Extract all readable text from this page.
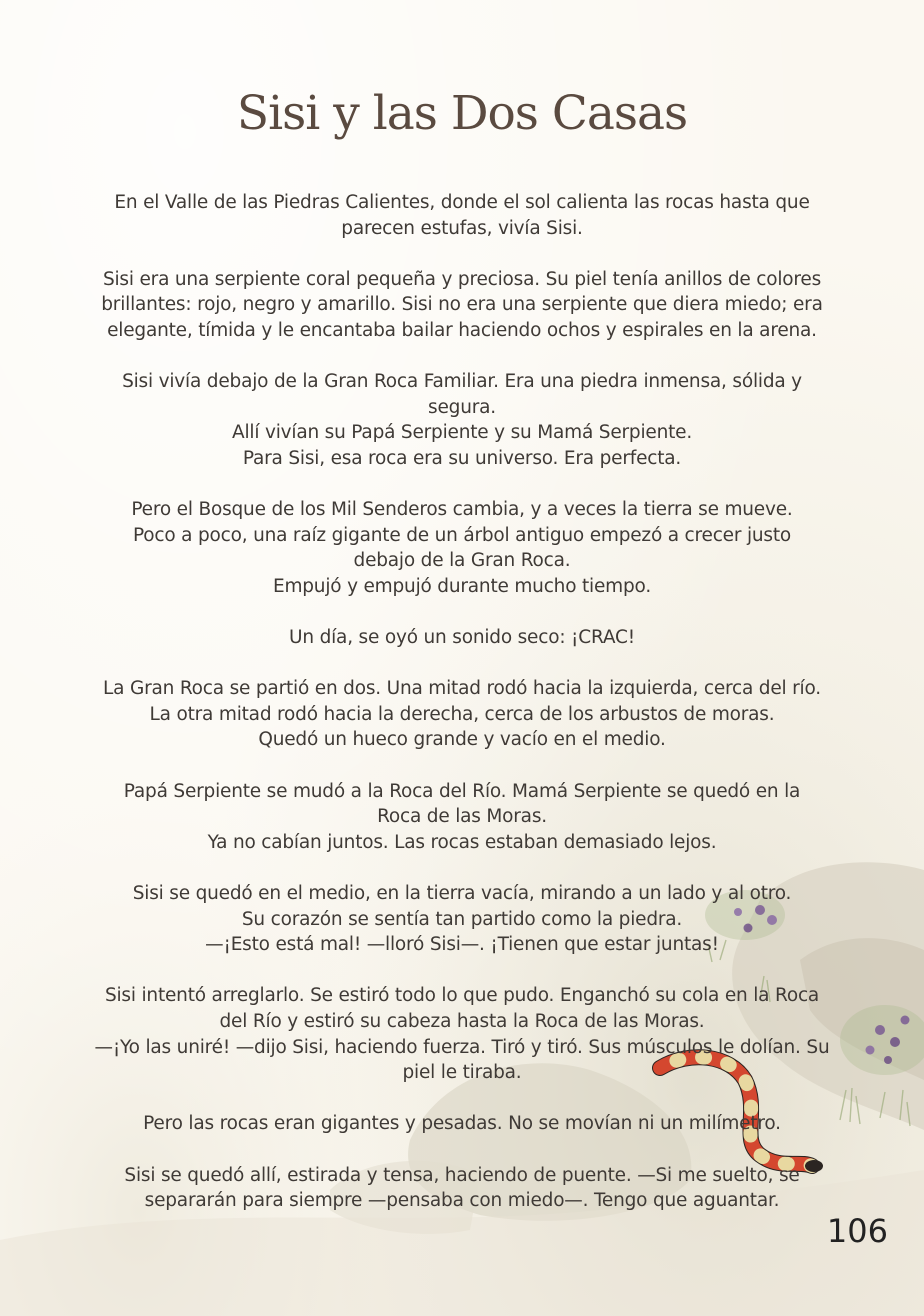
Sisi y las Dos Casas

En el Valle de las Piedras Calientes, donde el sol calienta las rocas hasta que
parecen estufas, vivía Sisi.

Sisi era una serpiente coral pequeña y preciosa. Su piel tenía anillos de colores
brillantes: rojo, negro y amarillo. Sisi no era una serpiente que diera miedo; era
elegante, tímida y le encantaba bailar haciendo ochos y espirales en la arena.

Sisi vivía debajo de la Gran Roca Familiar. Era una piedra inmensa, sólida y
segura.
Allí vivían su Papá Serpiente y su Mamá Serpiente.
Para Sisi, esa roca era su universo. Era perfecta.

Pero el Bosque de los Mil Senderos cambia, y a veces la tierra se mueve.
Poco a poco, una raíz gigante de un árbol antiguo empezó a crecer justo
debajo de la Gran Roca.
Empujó y empujó durante mucho tiempo.

Un día, se oyó un sonido seco: ¡CRAC!

La Gran Roca se partió en dos. Una mitad rodó hacia la izquierda, cerca del río.
La otra mitad rodó hacia la derecha, cerca de los arbustos de moras.
Quedó un hueco grande y vacío en el medio.

Papá Serpiente se mudó a la Roca del Río. Mamá Serpiente se quedó en la
Roca de las Moras.
Ya no cabían juntos. Las rocas estaban demasiado lejos.

Sisi se quedó en el medio, en la tierra vacía, mirando a un lado y al otro.
Su corazón se sentía tan partido como la piedra.
—¡Esto está mal! —lloró Sisi—. ¡Tienen que estar juntas!

Sisi intentó arreglarlo. Se estiró todo lo que pudo. Enganchó su cola en la Roca
del Río y estiró su cabeza hasta la Roca de las Moras.
—¡Yo las uniré! —dijo Sisi, haciendo fuerza. Tiró y tiró. Sus músculos le dolían. Su
piel le tiraba.

Pero las rocas eran gigantes y pesadas. No se movían ni un milímetro.

Sisi se quedó allí, estirada y tensa, haciendo de puente. —Si me suelto, se
separarán para siempre —pensaba con miedo—. Tengo que aguantar.

106
